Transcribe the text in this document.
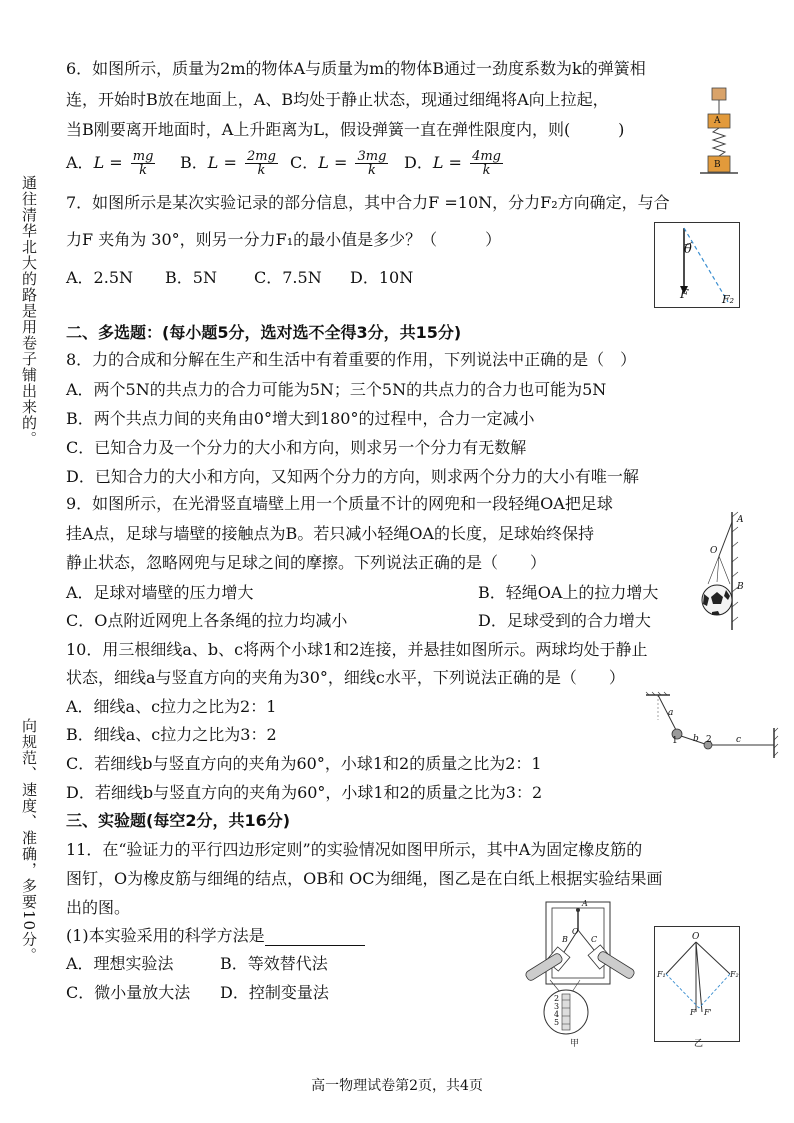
通往清华北大的路是用卷子铺出来的。
向规范、速度、准确，多要10分。
6．如图所示，质量为2m的物体A与质量为m的物体B通过一劲度系数为k的弹簧相
连，开始时B放在地面上，A、B均处于静止状态，现通过细绳将A向上拉起，
当B刚要离开地面时，A上升距离为L，假设弹簧一直在弹性限度内，则(　　　)
A．$L = \frac{mg}{k}$ B．$L = \frac{2mg}{k}$ C．$L = \frac{3mg}{k}$ D．$L = \frac{4mg}{k}$
A
B
7．如图所示是某次实验记录的部分信息，其中合力F =10N，分力F₂方向确定，与合
力F 夹角为 30°，则另一分力F₁的最小值是多少？（　　　）
A．2.5N B．5N C．7.5N D．10N
θ
F	F₂
二、多选题：(每小题5分，选对选不全得3分，共15分)
8．力的合成和分解在生产和生活中有着重要的作用，下列说法中正确的是（　）
A．两个5N的共点力的合力可能为5N；三个5N的共点力的合力也可能为5N
B．两个共点力间的夹角由0°增大到180°的过程中，合力一定减小
C．已知合力及一个分力的大小和方向，则求另一个分力有无数解
D．已知合力的大小和方向，又知两个分力的方向，则求两个分力的大小有唯一解
9．如图所示，在光滑竖直墙壁上用一个质量不计的网兜和一段轻绳OA把足球
挂A点，足球与墙壁的接触点为B。若只减小轻绳OA的长度，足球始终保持
静止状态，忽略网兜与足球之间的摩擦。下列说法正确的是（　　）
A．足球对墙壁的压力增大	B．轻绳OA上的拉力增大
C．O点附近网兜上各条绳的拉力均减小	D．足球受到的合力增大
A
O
B
10．用三根细线a、b、c将两个小球1和2连接，并悬挂如图所示。两球均处于静止
状态，细线a与竖直方向的夹角为30°，细线c水平，下列说法正确的是（　　）
A．细线a、c拉力之比为2：1
B．细线a、c拉力之比为3：2
C．若细线b与竖直方向的夹角为60°，小球1和2的质量之比为2：1
D．若细线b与竖直方向的夹角为60°，小球1和2的质量之比为3：2
a
1 b 2	c
三、实验题(每空2分，共16分)
11．在“验证力的平行四边形定则”的实验情况如图甲所示，其中A为固定橡皮筋的
图钉，O为橡皮筋与细绳的结点，OB和 OC为细绳，图乙是在白纸上根据实验结果画
出的图。
(1)本实验采用的科学方法是
A．理想实验法	B．等效替代法
C．微小量放大法 D．控制变量法
A
O
B	C
2
3
4
5
甲
O
F₁	F₂
F F'
乙
高一物理试卷第2页，共4页
